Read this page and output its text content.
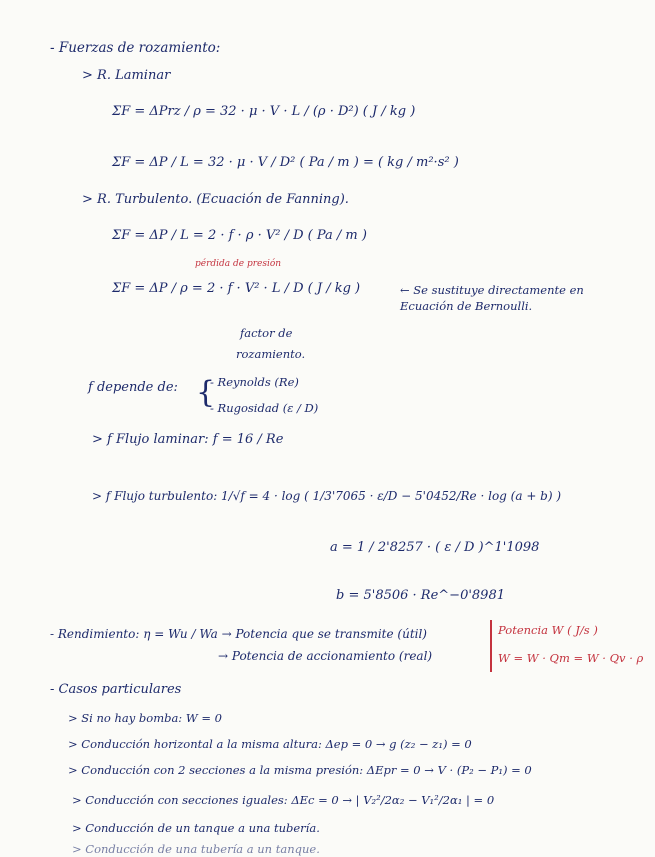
- Fuerzas de rozamiento:
> R. Laminar
ΣF = ΔPrz / ρ = 32 · μ · V · L / (ρ · D²) ( J / kg )
ΣF = ΔP / L = 32 · μ · V / D² ( Pa / m ) = ( kg / m²·s² )
> R. Turbulento. (Ecuación de Fanning).
ΣF = ΔP / L = 2 · f · ρ · V² / D ( Pa / m )
pérdida de presión
ΣF = ΔP / ρ = 2 · f · V² · L / D ( J / kg )	← Se sustituye directamente en Ecuación de Bernoulli.
factor de
rozamiento.
f depende de: {
- Reynolds (Re)
- Rugosidad (ε / D)
> f Flujo laminar: f = 16 / Re
> f Flujo turbulento: 1/√f = 4 · log ( 1/3'7065 · ε/D − 5'0452/Re · log (a + b) )
a = 1 / 2'8257 · ( ε / D )^1'1098
b = 5'8506 · Re^−0'8981
- Rendimiento: η = Wu / Wa → Potencia que se transmite (útil)
→ Potencia de accionamiento (real)
Potencia W ( J/s )
W = W · Qm = W · Qv · ρ
- Casos particulares
> Si no hay bomba: W = 0
> Conducción horizontal a la misma altura: Δep = 0 → g (z₂ − z₁) = 0
> Conducción con 2 secciones a la misma presión: ΔEpr = 0 → V · (P₂ − P₁) = 0
> Conducción con secciones iguales: ΔEc = 0 → | V₂²/2α₂ − V₁²/2α₁ | = 0
> Conducción de un tanque a una tubería.
> Conducción de una tubería a un tanque.
